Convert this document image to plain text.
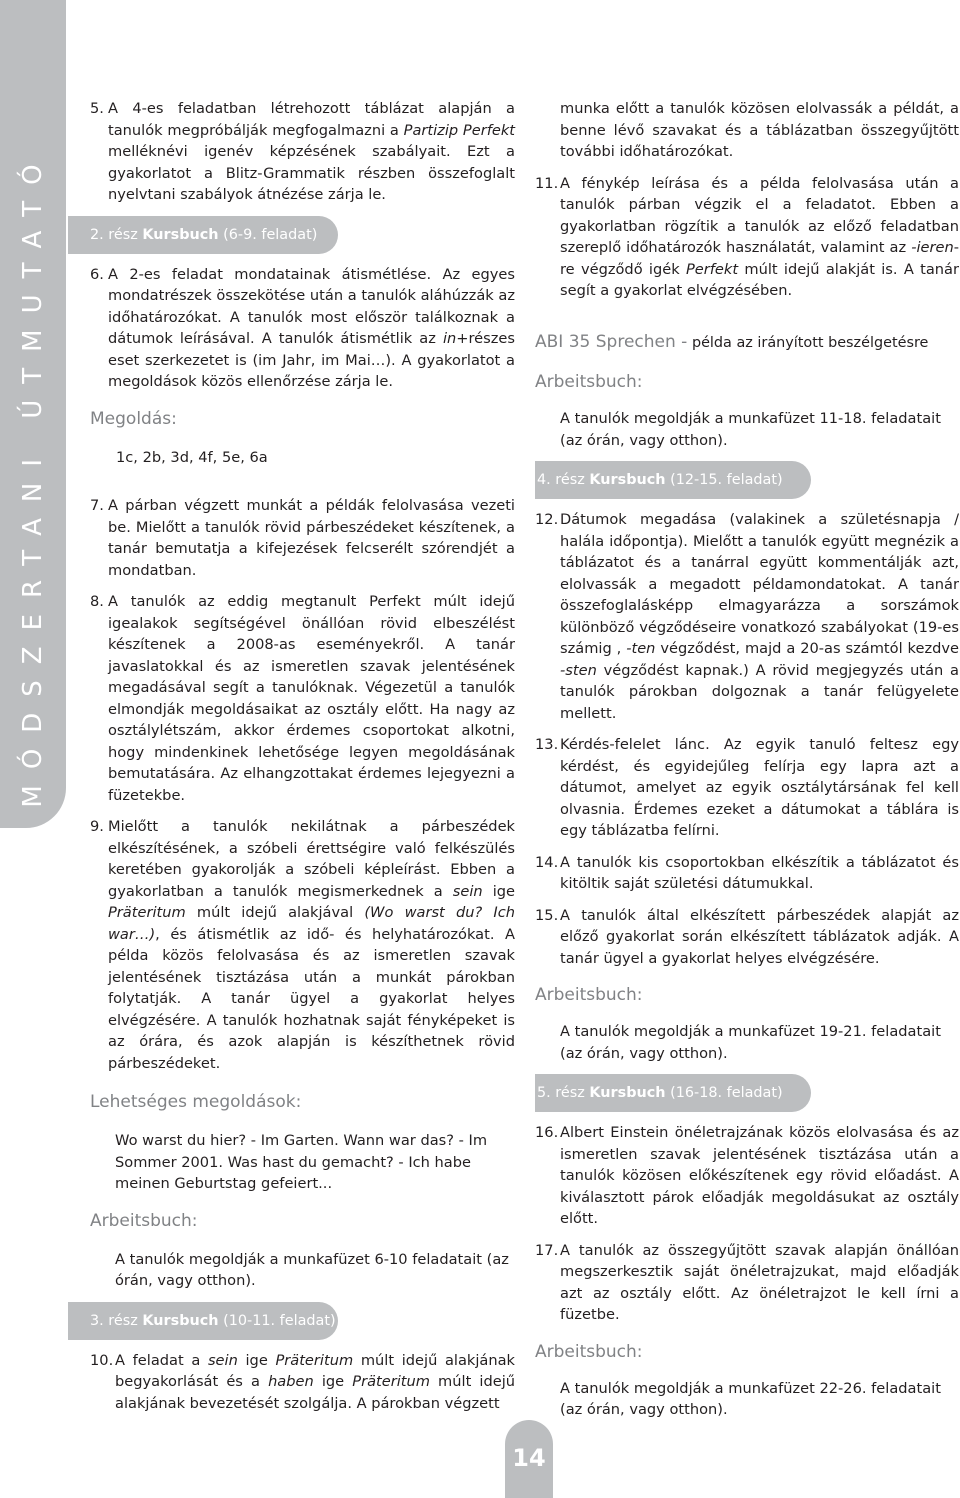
MÓDSZERTANI ÚTMUTATÓ

5. A 4-es feladatban létrehozott táblázat alapján a tanulók megpróbálják megfogalmazni a Partizip Perfekt melléknévi igenév képzésének szabályait. Ezt a gyakorlatot a Blitz-Grammatik részben összefoglalt nyelvtani szabályok átnézése zárja le.

2. rész Kursbuch (6-9. feladat)

6. A 2-es feladat mondatainak átismétlése. Az egyes mondatrészek összekötése után a tanulók aláhúzzák az időhatározókat. A tanulók most először találkoznak a dátumok leírásával. A tanulók átismétlik az in+részes eset szerkezetet is (im Jahr, im Mai…). A gyakorlatot a megoldások közös ellenőrzése zárja le.

Megoldás:
1c, 2b, 3d, 4f, 5e, 6a

7. A párban végzett munkát a példák felolvasása vezeti be. Mielőtt a tanulók rövid párbeszédeket készítenek, a tanár bemutatja a kifejezések felcserélt szórendjét a mondatban.

8. A tanulók az eddig megtanult Perfekt múlt idejű igealakok segítségével önállóan rövid elbeszélést készítenek a 2008-as eseményekről. A tanár javaslatokkal és az ismeretlen szavak jelentésének megadásával segít a tanulóknak. Végezetül a tanulók elmondják megoldásaikat az osztály előtt. Ha nagy az osztálylétszám, akkor érdemes csoportokat alkotni, hogy mindenkinek lehetősége legyen megoldásának bemutatására. Az elhangzottakat érdemes lejegyezni a füzetekbe.

9. Mielőtt a tanulók nekilátnak a párbeszédek elkészítésének, a szóbeli érettségire való felkészülés keretében gyakorolják a szóbeli képleírást. Ebben a gyakorlatban a tanulók megismerkednek a sein ige Präteritum múlt idejű alakjával (Wo warst du? Ich war…), és átismétlik az idő- és helyhatározókat. A példa közös felolvasása és az ismeretlen szavak jelentésének tisztázása után a munkát párokban folytatják. A tanár ügyel a gyakorlat helyes elvégzésére. A tanulók hozhatnak saját fényképeket is az órára, és azok alapján is készíthetnek rövid párbeszédeket.

Lehetséges megoldások:
Wo warst du hier? - Im Garten. Wann war das? - Im Sommer 2001. Was hast du gemacht? - Ich habe meinen Geburtstag gefeiert...
Arbeitsbuch:
A tanulók megoldják a munkafüzet 6-10 feladatait (az órán, vagy otthon).
3. rész Kursbuch (10-11. feladat)

10. A feladat a sein ige Präteritum múlt idejű alakjának begyakorlását és a haben ige Präteritum múlt idejű alakjának bevezetését szolgálja. A párokban végzett

munka előtt a tanulók közösen elolvassák a példát, a benne lévő szavakat és a táblázatban összegyűjtött további időhatározókat.

11. A fénykép leírása és a példa felolvasása után a tanulók párban végzik el a feladatot. Ebben a gyakorlatban rögzítik a tanulók az előző feladatban szereplő időhatározók használatát, valamint az -ieren-re végződő igék Perfekt múlt idejű alakját is. A tanár segít a gyakorlat elvégzésében.

ABI 35 Sprechen - példa az irányított beszélgetésre
Arbeitsbuch:
A tanulók megoldják a munkafüzet 11-18. feladatait (az órán, vagy otthon).
4. rész Kursbuch (12-15. feladat)

12. Dátumok megadása (valakinek a születésnapja / halála időpontja). Mielőtt a tanulók együtt megnézik a táblázatot és a tanárral együtt kommentálják azt, elolvassák a megadott példamondatokat. A tanár összefoglalásképp elmagyarázza a sorszámok különböző végződéseire vonatkozó szabályokat (19-es számig , -ten végződést, majd a 20-as számtól kezdve -sten végződést kapnak.) A rövid megjegyzés után a tanulók párokban dolgoznak a tanár felügyelete mellett.

13. Kérdés-felelet lánc. Az egyik tanuló feltesz egy kérdést, és egyidejűleg felírja egy lapra azt a dátumot, amelyet az egyik osztálytársának fel kell olvasnia. Érdemes ezeket a dátumokat a táblára is egy táblázatba felírni.

14. A tanulók kis csoportokban elkészítik a táblázatot és kitöltik saját születési dátumukkal.

15. A tanulók által elkészített párbeszédek alapját az előző gyakorlat során elkészített táblázatok adják. A tanár ügyel a gyakorlat helyes elvégzésére.

Arbeitsbuch:
A tanulók megoldják a munkafüzet 19-21. feladatait (az órán, vagy otthon).
5. rész Kursbuch (16-18. feladat)

16. Albert Einstein önéletrajzának közös elolvasása és az ismeretlen szavak jelentésének tisztázása után a tanulók közösen előkészítenek egy rövid előadást. A kiválasztott párok előadják megoldásukat az osztály előtt.

17. A tanulók az összegyűjtött szavak alapján önállóan megszerkesztik saját önéletrajzukat, majd előadják azt az osztály előtt. Az önéletrajzot le kell írni a füzetbe.

Arbeitsbuch:
A tanulók megoldják a munkafüzet 22-26. feladatait (az órán, vagy otthon).
14
